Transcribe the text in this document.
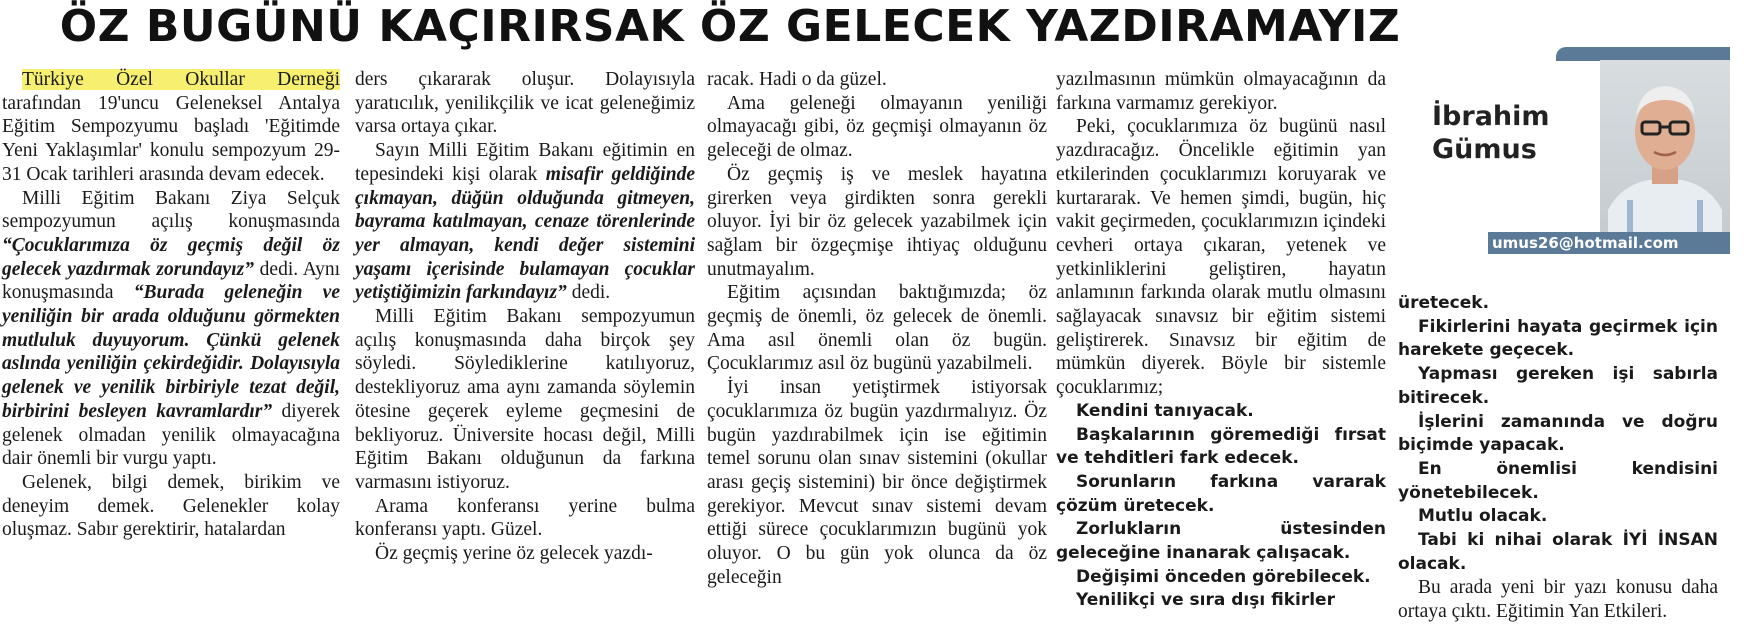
ÖZ BUGÜNÜ KAÇIRIRSAK ÖZ GELECEK YAZDIRAMAYIZ

Türkiye Özel Okullar Derneği tarafından 19'uncu Geleneksel Antalya Eğitim Sempozyumu başladı 'Eğitimde Yeni Yaklaşımlar' konulu sempozyum 29-31 Ocak tarihleri arasında devam edecek.

Milli Eğitim Bakanı Ziya Selçuk sempozyumun açılış konuşmasında “Çocuklarımıza öz geçmiş değil öz gelecek yazdırmak zorundayız” dedi. Aynı konuşmasında “Burada geleneğin ve yeniliğin bir arada olduğunu görmekten mutluluk duyuyorum. Çünkü gelenek aslında yeniliğin çekirdeğidir. Dolayısıyla gelenek ve yenilik birbiriyle tezat değil, birbirini besleyen kavramlardır” diyerek gelenek olmadan yenilik olmayacağına dair önemli bir vurgu yaptı.

Gelenek, bilgi demek, birikim ve deneyim demek. Gelenekler kolay oluşmaz. Sabır gerektirir, hatalardan

ders çıkararak oluşur. Dolayısıyla yaratıcılık, yenilikçilik ve icat geleneğimiz varsa ortaya çıkar.

Sayın Milli Eğitim Bakanı eğitimin en tepesindeki kişi olarak misafir geldiğinde çıkmayan, düğün olduğunda gitmeyen, bayrama katılmayan, cenaze törenlerinde yer almayan, kendi değer sistemini yaşamı içerisinde bulamayan çocuklar yetiştiğimizin farkındayız” dedi.

Milli Eğitim Bakanı sempozyumun açılış konuşmasında daha birçok şey söyledi. Söylediklerine katılıyoruz, destekliyoruz ama aynı zamanda söylemin ötesine geçerek eyleme geçmesini de bekliyoruz. Üniversite hocası değil, Milli Eğitim Bakanı olduğunun da farkına varmasını istiyoruz.

Arama konferansı yerine bulma konferansı yaptı. Güzel.

Öz geçmiş yerine öz gelecek yazdı-

racak. Hadi o da güzel.

Ama geleneği olmayanın yeniliği olmayacağı gibi, öz geçmişi olmayanın öz geleceği de olmaz.

Öz geçmiş iş ve meslek hayatına girerken veya girdikten sonra gerekli oluyor. İyi bir öz gelecek yazabilmek için sağlam bir özgeçmişe ihtiyaç olduğunu unutmayalım.

Eğitim açısından baktığımızda; öz geçmiş de önemli, öz gelecek de önemli. Ama asıl önemli olan öz bugün. Çocuklarımız asıl öz bugünü yazabilmeli.

İyi insan yetiştirmek istiyorsak çocuklarımıza öz bugün yazdırmalıyız. Öz bugün yazdırabilmek için ise eğitimin temel sorunu olan sınav sistemini (okullar arası geçiş sistemini) bir önce değiştirmek gerekiyor. Mevcut sınav sistemi devam ettiği sürece çocuklarımızın bugünü yok oluyor. O bu gün yok olunca da öz geleceğin

yazılmasının mümkün olmayacağının da farkına varmamız gerekiyor.

Peki, çocuklarımıza öz bugünü nasıl yazdıracağız. Öncelikle eğitimin yan etkilerinden çocuklarımızı koruyarak ve kurtararak. Ve hemen şimdi, bugün, hiç vakit geçirmeden, çocuklarımızın içindeki cevheri ortaya çıkaran, yetenek ve yetkinliklerini geliştiren, hayatın anlamının farkında olarak mutlu olmasını sağlayacak sınavsız bir eğitim sistemi geliştirerek. Sınavsız bir eğitim de mümkün diyerek. Böyle bir sistemle çocuklarımız;

Kendini tanıyacak.

Başkalarının göremediği fırsat ve tehditleri fark edecek.

Sorunların farkına vararak çözüm üretecek.

Zorlukların üstesinden geleceğine inanarak çalışacak.

Değişimi önceden görebilecek.

Yenilikçi ve sıra dışı fikirler

İbrahim
Gümus
umus26@hotmail.com

üretecek.

Fikirlerini hayata geçirmek için harekete geçecek.

Yapması gereken işi sabırla bitirecek.

İşlerini zamanında ve doğru biçimde yapacak.

En önemlisi kendisini yönetebilecek.

Mutlu olacak.

Tabi ki nihai olarak İYİ İNSAN olacak.

Bu arada yeni bir yazı konusu daha ortaya çıktı. Eğitimin Yan Etkileri.
